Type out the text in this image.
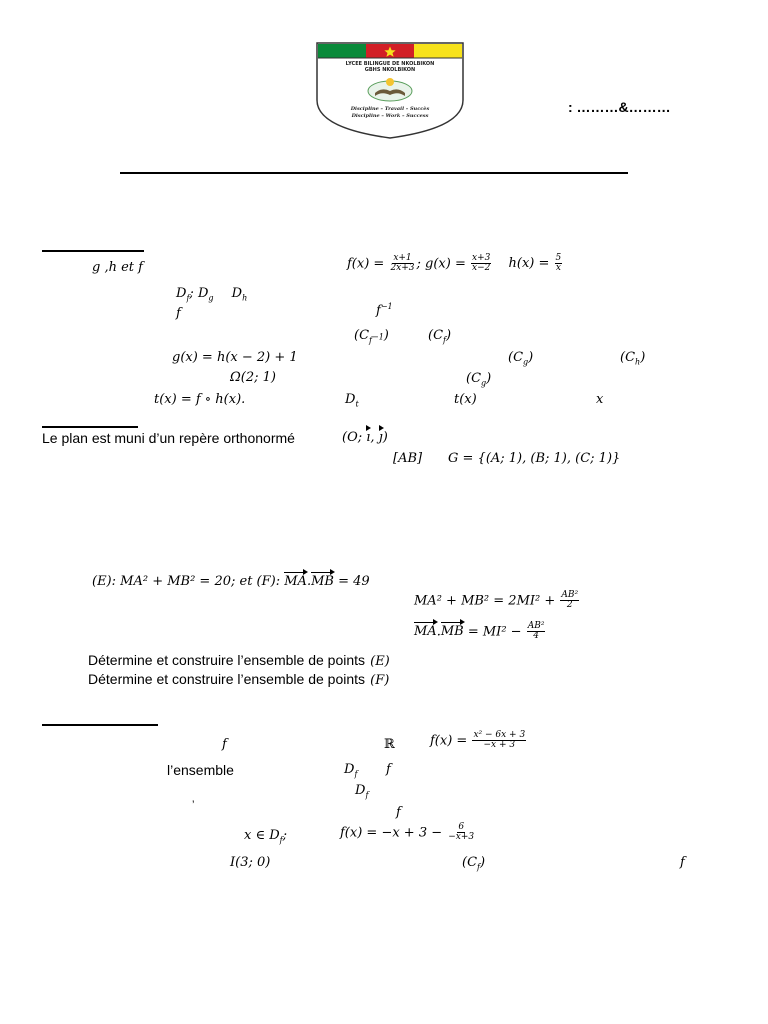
LYCEE BILINGUE DE NKOLBIKON
GBHS NKOLBIKON
Discipline – Travail – Succès
Discipline – Work – Success
: ………&………
g ,h et f	$f(x) = \frac{x+1}{2x+3}$ ; $g(x) = \frac{x+3}{x-2} h(x) = \frac{5}{x}$
$D_f$; $D_g$ $D_h$
f	$f^{-1}$
$(C_{f^{-1}})$	$(C_f)$
g(x) = h(x − 2) + 1	$(C_g)$	$(C_h)$
Ω(2; 1)	$(C_g)$
t(x) = f ∘ h(x).	$D_t$	t(x)	x
Le plan est muni d’un repère orthonormé	(O; ı, ȷ)
[AB] G = {(A; 1), (B; 1), (C; 1)}
(E): MA² + MB² = 20; et (F): MA.MB = 49
$MA^2 + MB^2 = 2MI^2 + \frac{\text{AB²}}{2}$
$MA.MB = MI^2 - \frac{\text{AB²}}{4}$
Détermine et construire l’ensemble de points (E)
Détermine et construire l’ensemble de points (F)
f	ℝ	$f(x) = \frac{\text{x² − 6x + 3}}{-x + 3}$
l’ensemble	$D_f$ f
$D_f$
’	f
x ∈ $D_f$;	$f(x) = -x + 3 - \frac{6}{-x+3}$
I(3; 0)	$(C_f)$	f
